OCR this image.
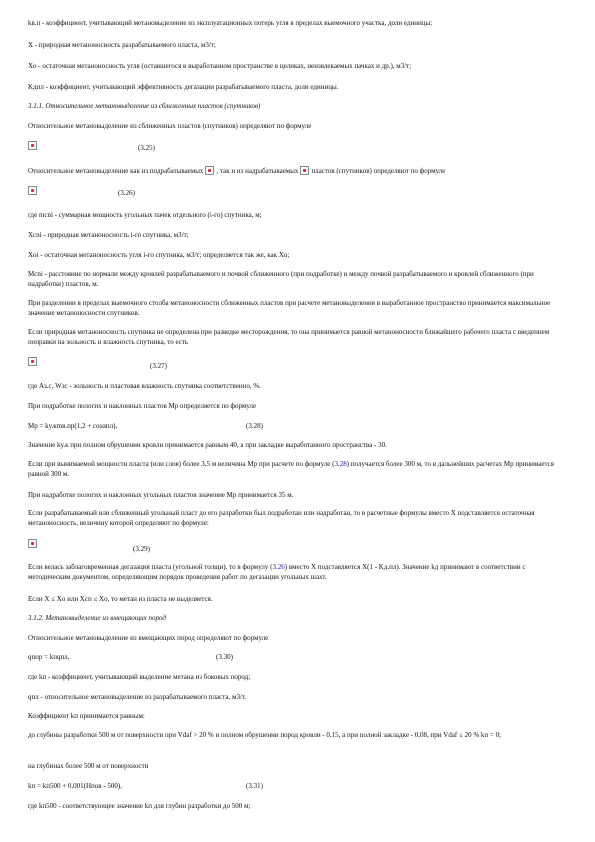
kв.п - коэффициент, учитывающий метановыделение из эксплуатационных потерь угля в пределах выемочного участка, доли единицы;
X - природная метаноносность разрабатываемого пласта, м3/т;
Xo - остаточная метаноносность угля (оставшегося в выработанном пространстве в целиках, неизвлекаемых пачках и др.), м3/т;
Kдпл - коэффициент, учитывающий эффективность дегазации разрабатываемого пласта, доли единицы.
3.1.1. Относительное метановыделение из сближенных пластов (спутников)
Относительное метановыделение из сближенных пластов (спутников) определяют по формуле
(3.25)
Относительное метановыделение как из подрабатываемых , так и из надрабатываемых пластов (спутников) определяют по формуле
(3.26)
где mсni - суммарная мощность угольных пачек отдельного (i-го) спутника, м;
Xсni - природная метаноносность i-го спутника, м3/т;
Xoi - остаточная метаноносность угля i-го спутника, м3/т; определяется так же, как Xo;
Mсni - расстояние по нормали между кровлей разрабатываемого и почвой сближенного (при подработке) и между почвой разрабатываемого и кровлей сближенного (при надработке) пластов, м.
При разделении в пределах выемочного столба метаноносности сближенных пластов при расчете метановыделения в выработанное пространство принимается максимальное значение метаноносности спутников.
Если природная метаноносность спутника не определена при разведке месторождения, то она принимается равной метаноносности ближайшего рабочего пласта с введением поправки на зольность и влажность спутника, то есть
(3.27)
где Aз.с, Wзс - зольность и пластовая влажность спутника соответственно, %.
При подработке пологих и наклонных пластов Mр определяется по формуле
Mр = kу.кmв.пр(1,2 + cosαпл),	(3.28)
Значение kу.к при полном обрушении кровли принимается равным 40, а при закладке выработанного пространства - 30.
Если при вынимаемой мощности пласта (или слоя) более 3,5 м величина Mр при расчете по формуле (3.28) получается более 300 м, то в дальнейших расчетах Mр принимается равной 300 м.
При надработке пологих и наклонных угольных пластов значение Mр принимается 35 м.
Если разрабатываемый или сближенный угольный пласт до его разработки был подработан или надработан, то в расчетные формулы вместо X подставляется остаточная метаноносность, величину которой определяют по формуле:
(3.29)
Если велась заблаговременная дегазация пласта (угольной толщи), то в формулу (3.26) вместо X подставляется X(1 - Kд.пл). Значение kд принимают в соответствии с методическим документом, определяющим порядок проведения работ по дегазации угольных шахт.
Если X ≤ Xo или Xсп ≤ Xo, то метан из пласта не выделяется.
3.1.2. Метановыделение из вмещающих пород
Относительное метановыделение из вмещающих пород определяют по формуле
qпор = kпqпл,	(3.30)
где kп - коэффициент, учитывающий выделение метана из боковых пород;
qпл - относительное метановыделение из разрабатываемого пласта, м3/т.
Коэффициент kп принимается равным:
до глубины разработки 500 м от поверхности при Vdaf > 20 % и полном обрушении пород кровли - 0,15, а при полной закладке - 0,08, при Vdaf ≤ 20 % kп = 0;
на глубинах более 500 м от поверхности
kп = kп500 + 0,001(Hпов - 500),	(3.31)
где kп500 - соответствующее значение kп для глубин разработки до 500 м;
